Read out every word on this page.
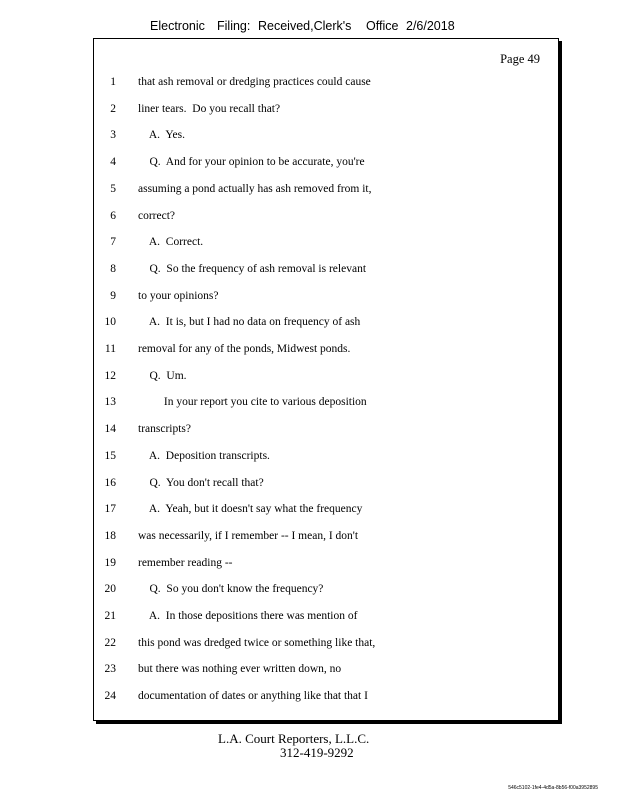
Electronic Filing: Received,Clerk's Office 2/6/2018
Page 49
1 that ash removal or dredging practices could cause
2 liner tears.  Do you recall that?
3 A.  Yes.
4 Q.  And for your opinion to be accurate, you're
5 assuming a pond actually has ash removed from it,
6 correct?
7 A.  Correct.
8 Q.  So the frequency of ash removal is relevant
9 to your opinions?
10 A.  It is, but I had no data on frequency of ash
11 removal for any of the ponds, Midwest ponds.
12 Q.  Um.
13 In your report you cite to various deposition
14 transcripts?
15 A.  Deposition transcripts.
16 Q.  You don't recall that?
17 A.  Yeah, but it doesn't say what the frequency
18 was necessarily, if I remember -- I mean, I don't
19 remember reading --
20 Q.  So you don't know the frequency?
21 A.  In those depositions there was mention of
22 this pond was dredged twice or something like that,
23 but there was nothing ever written down, no
24 documentation of dates or anything like that that I
L.A. Court Reporters, L.L.C.
312-419-9292
546c5102-1fe4-4d5a-8b56-f00a3952895
